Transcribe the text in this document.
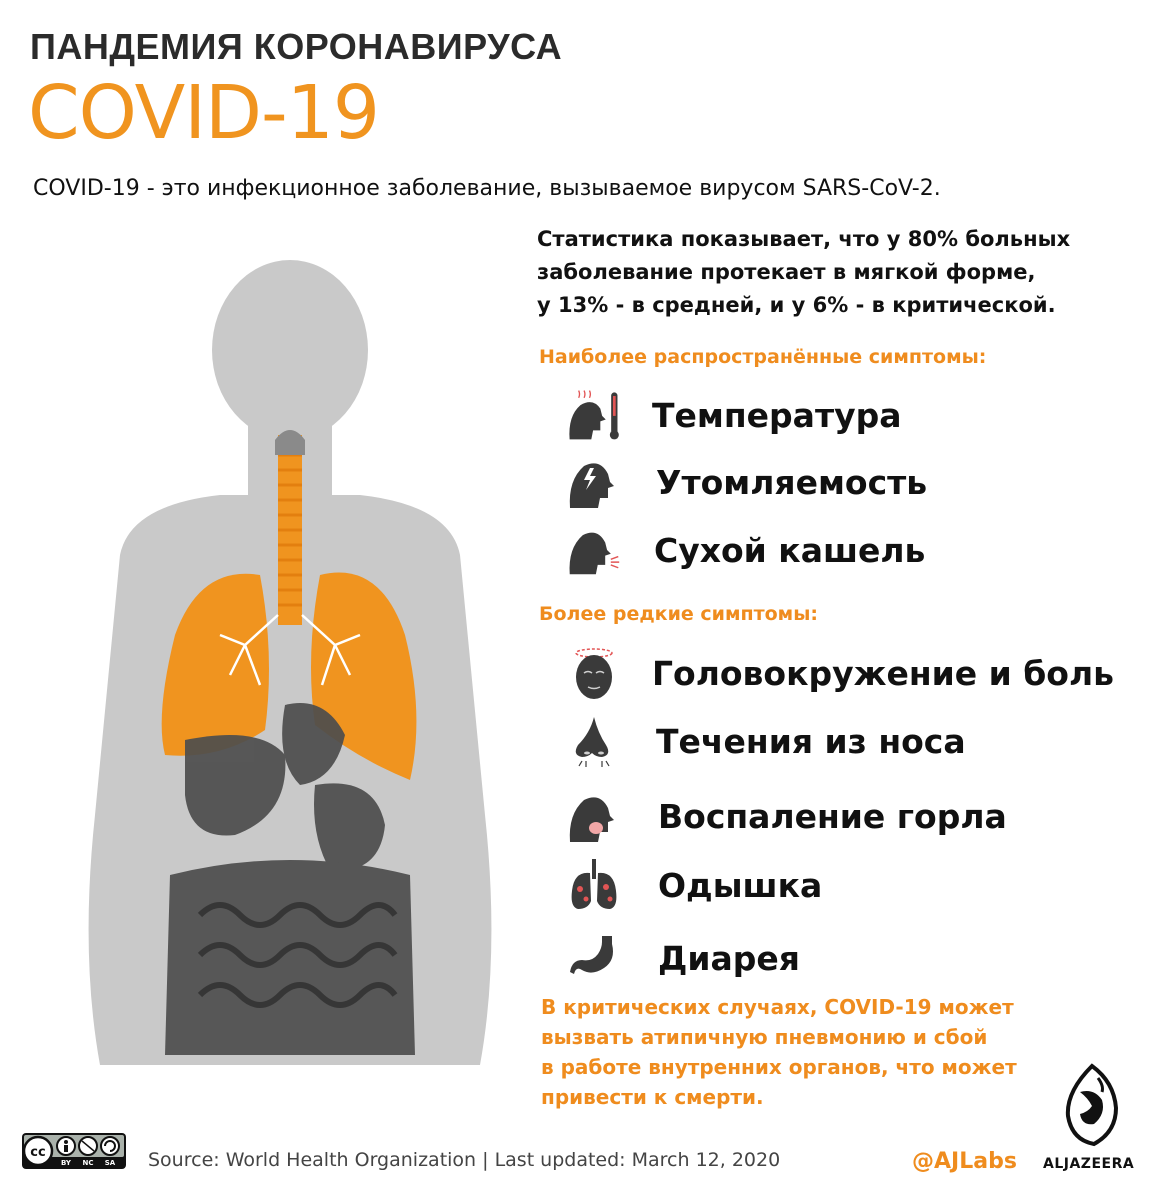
ПАНДЕМИЯ КОРОНАВИРУСА
COVID-19
COVID-19 - это инфекционное заболевание, вызываемое вирусом SARS-CoV-2.
Статистика показывает, что у 80% больных
заболевание протекает в мягкой форме,
у 13% - в средней, и у 6% - в критической.
Наиболее распространённые симптомы:
Температура
Утомляемость
Сухой кашель
Более редкие симптомы:
Головокружение и боль
Течения из носа
Воспаление горла
Одышка
Диарея
В критических случаях, COVID-19 может
вызвать атипичную пневмонию и сбой
в работе внутренних органов, что может
привести к смерти.
cc
BY NC SA Source: World Health Organization | Last updated: March 12, 2020	@AJLabs ALJAZEERA
